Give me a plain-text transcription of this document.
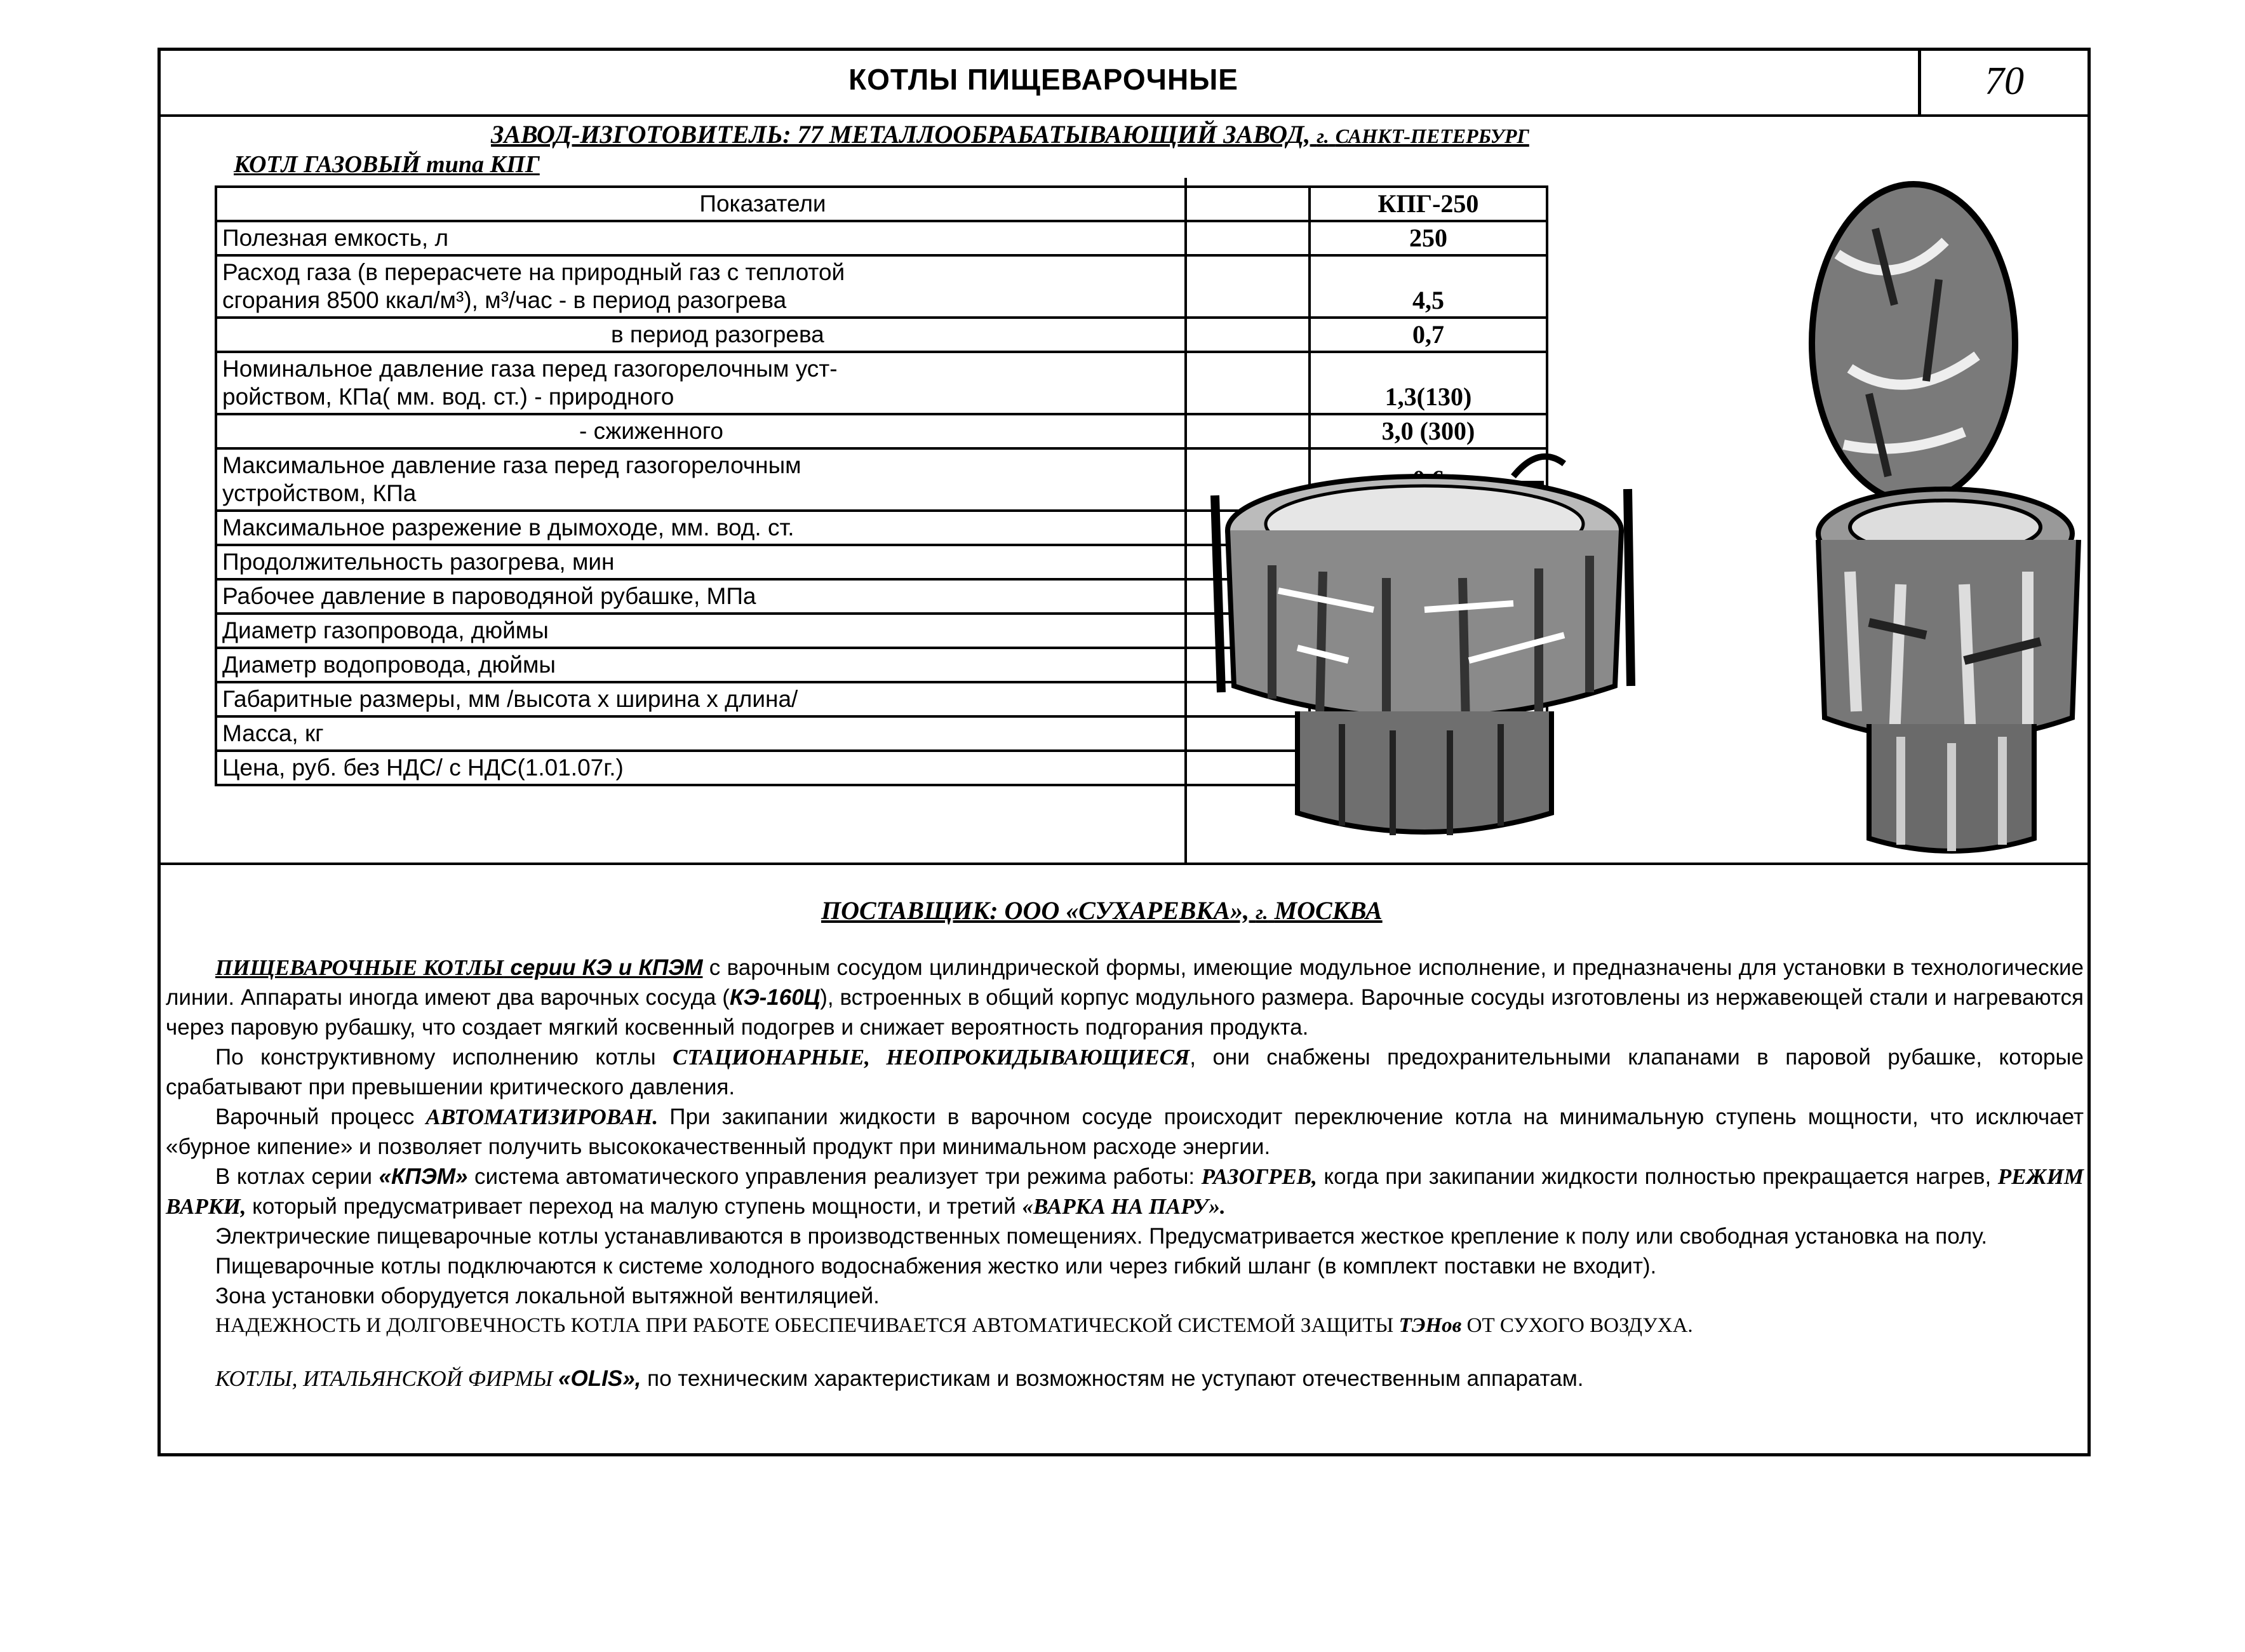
КОТЛЫ ПИЩЕВАРОЧНЫЕ	70
ЗАВОД-ИЗГОТОВИТЕЛЬ: 77 МЕТАЛЛООБРАБАТЫВАЮЩИЙ ЗАВОД, г. САНКТ-ПЕТЕРБУРГ
КОТЛ ГАЗОВЫЙ типа КПГ
Показатели	КПГ-250
Полезная емкость, л	250

Расход газа (в перерасчете на природный газ с теплотой
сгорания 8500 ккал/м³), м³/час - в период разогрева	4,5
в период разогрева	0,7

Номинальное давление газа перед газогорелочным уст-
ройством, КПа( мм. вод. ст.) - природного	1,3(130)
- сжиженного	3,0 (300)

Максимальное давление газа перед газогорелочным
устройством, КПа

Максимальное разрежение в дымоходе, мм. вод. ст.	
Продолжительность разогрева, мин	
Рабочее давление в пароводяной рубашке, МПа	
Диаметр газопровода, дюймы	
Диаметр водопровода, дюймы	
Габаритные размеры, мм /высота х ширина х длина/	
Масса, кг	
Цена, руб. без НДС/ с НДС(1.01.07г.)	
ПОСТАВЩИК: ООО «СУХАРЕВКА», г. МОСКВА

ПИЩЕВАРОЧНЫЕ КОТЛЫ серии КЭ и КПЭМ с варочным сосудом цилиндрической формы, имеющие модульное исполнение, и предназначены для установки в технологические линии. Аппараты иногда имеют два варочных сосуда (КЭ-160Ц), встроенных в общий корпус модульного размера. Варочные сосуды изготовлены из нержавеющей стали и нагреваются через паровую рубашку, что создает мягкий косвенный подогрев и снижает вероятность подгорания продукта.

По конструктивному исполнению котлы СТАЦИОНАРНЫЕ, НЕОПРОКИДЫВАЮЩИЕСЯ, они снабжены предохранительными клапанами в паровой рубашке, которые срабатывают при превышении критического давления.

Варочный процесс АВТОМАТИЗИРОВАН. При закипании жидкости в варочном сосуде происходит переключение котла на минимальную ступень мощности, что исключает «бурное кипение» и позволяет получить высококачественный продукт при минимальном расходе энергии.

В котлах серии «КПЭМ» система автоматического управления реализует три режима работы: РАЗОГРЕВ, когда при закипании жидкости полностью прекращается нагрев, РЕЖИМ ВАРКИ, который предусматривает переход на малую ступень мощности, и третий «ВАРКА НА ПАРУ».

Электрические пищеварочные котлы устанавливаются в производственных помещениях. Предусматривается жесткое крепление к полу или свободная установка на полу.

Пищеварочные котлы подключаются к системе холодного водоснабжения жестко или через гибкий шланг (в комплект поставки не входит).

Зона установки оборудуется локальной вытяжной вентиляцией.

НАДЕЖНОСТЬ И ДОЛГОВЕЧНОСТЬ КОТЛА ПРИ РАБОТЕ ОБЕСПЕЧИВАЕТСЯ АВТОМАТИЧЕСКОЙ СИСТЕМОЙ ЗАЩИТЫ ТЭНов ОТ СУХОГО ВОЗДУХА.

КОТЛЫ, ИТАЛЬЯНСКОЙ ФИРМЫ «OLIS», по техническим характеристикам и возможностям не уступают отечественным аппаратам.
